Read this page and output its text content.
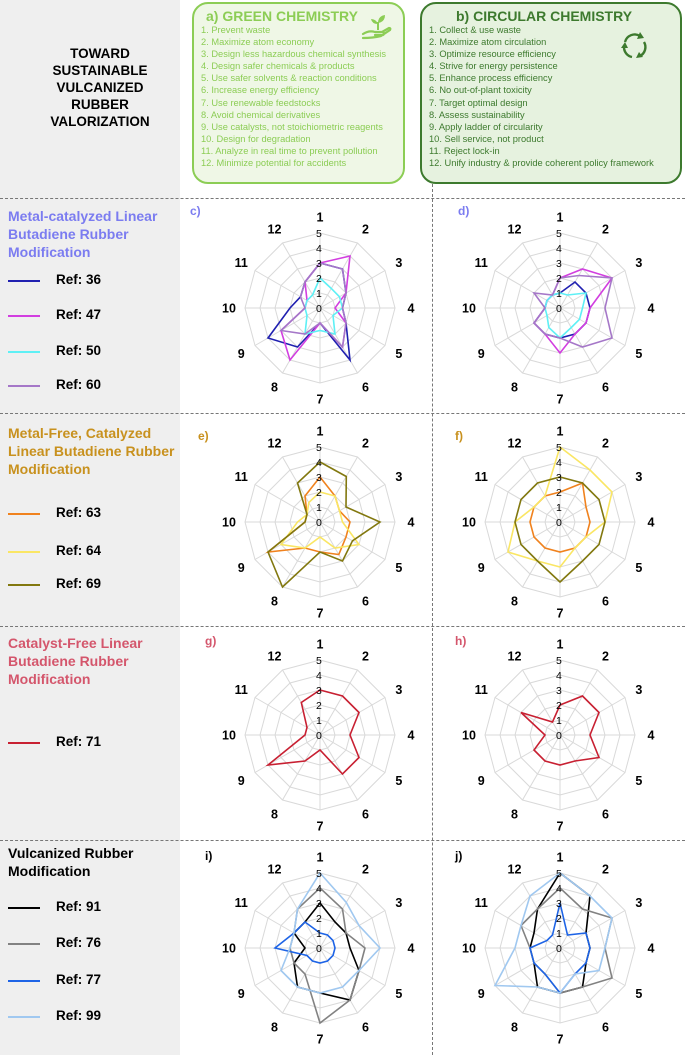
TOWARD
SUSTAINABLE
VULCANIZED
RUBBER
VALORIZATION
a) GREEN CHEMISTRY
1. Prevent waste
2. Maximize atom economy
3. Design less hazardous chemical synthesis
4. Design safer chemicals & products
5. Use safer solvents & reaction conditions
6. Increase energy efficiency
7. Use renewable feedstocks
8. Avoid chemical derivatives
9. Use catalysts, not stoichiometric reagents
10. Design for degradation
11. Analyze in real time to prevent pollution
12. Minimize potential for accidents
b) CIRCULAR CHEMISTRY
1. Collect & use waste
2. Maximize atom circulation
3. Optimize resource efficiency
4. Strive for energy persistence
5. Enhance process efficiency
6. No out-of-plant toxicity
7. Target optimal design
8. Assess sustainability
9. Apply ladder of circularity
10. Sell service, not product
11. Reject lock-in
12. Unify industry & provide coherent policy framework
Metal-catalyzed Linear Butadiene Rubber Modification
Ref: 36
Ref: 47
Ref: 50
Ref: 60
Metal-Free, Catalyzed Linear Butadiene Rubber Modification
Ref: 63
Ref: 64
Ref: 69
Catalyst-Free Linear Butadiene Rubber Modification
Ref: 71
Vulcanized Rubber Modification
Ref: 91
Ref: 76
Ref: 77
Ref: 99
0
1
2
3
4
5
1
2
3
4
5
6
7
8
9
10
11
12
c)
0
1
2
3
4
5
1
2
3
4
5
6
7
8
9
10
11
12
d)
0
1
2
3
4
5
1
2
3
4
5
6
7
8
9
10
11
12
e)
0
1
2
3
4
5
1
2
3
4
5
6
7
8
9
10
11
12
f)
0
1
2
3
4
5
1
2
3
4
5
6
7
8
9
10
11
12
g)
0
1
2
3
4
5
1
2
3
4
5
6
7
8
9
10
11
12
h)
0
1
2
3
4
5
1
2
3
4
5
6
7
8
9
10
11
12
i)
0
1
2
3
4
5
1
2
3
4
5
6
7
8
9
10
11
12
j)
